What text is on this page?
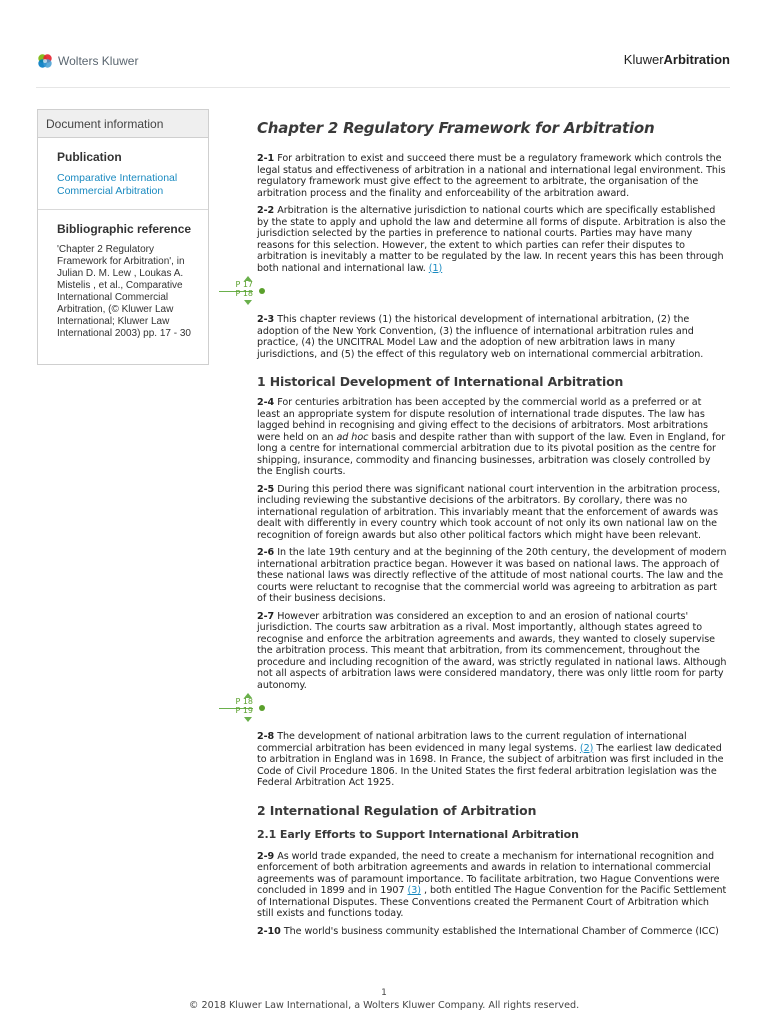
Wolters Kluwer	KluwerArbitration
Document information
Publication
Comparative International Commercial Arbitration
Bibliographic reference
'Chapter 2 Regulatory Framework for Arbitration', in Julian D. M. Lew , Loukas A. Mistelis , et al., Comparative International Commercial Arbitration, (© Kluwer Law International; Kluwer Law International 2003) pp. 17 - 30
Chapter 2 Regulatory Framework for Arbitration

2-1 For arbitration to exist and succeed there must be a regulatory framework which controls the legal status and effectiveness of arbitration in a national and international legal environment. This regulatory framework must give effect to the agreement to arbitrate, the organisation of the arbitration process and the finality and enforceability of the arbitration award.

2-2 Arbitration is the alternative jurisdiction to national courts which are specifically established by the state to apply and uphold the law and determine all forms of dispute. Arbitration is also the jurisdiction selected by the parties in preference to national courts. Parties may have many reasons for this selection. However, the extent to which parties can refer their disputes to arbitration is inevitably a matter to be regulated by the law. In recent years this has been through both national and international law. (1)

P 17
P 18

2-3 This chapter reviews (1) the historical development of international arbitration, (2) the adoption of the New York Convention, (3) the influence of international arbitration rules and practice, (4) the UNCITRAL Model Law and the adoption of new arbitration laws in many jurisdictions, and (5) the effect of this regulatory web on international commercial arbitration.

1 Historical Development of International Arbitration

2-4 For centuries arbitration has been accepted by the commercial world as a preferred or at least an appropriate system for dispute resolution of international trade disputes. The law has lagged behind in recognising and giving effect to the decisions of arbitrators. Most arbitrations were held on an ad hoc basis and despite rather than with support of the law. Even in England, for long a centre for international commercial arbitration due to its pivotal position as the centre for shipping, insurance, commodity and financing businesses, arbitration was closely controlled by the English courts.

2-5 During this period there was significant national court intervention in the arbitration process, including reviewing the substantive decisions of the arbitrators. By corollary, there was no international regulation of arbitration. This invariably meant that the enforcement of awards was dealt with differently in every country which took account of not only its own national law on the recognition of foreign awards but also other political factors which might have been relevant.

2-6 In the late 19th century and at the beginning of the 20th century, the development of modern international arbitration practice began. However it was based on national laws. The approach of these national laws was directly reflective of the attitude of most national courts. The law and the courts were reluctant to recognise that the commercial world was agreeing to arbitration as part of their business decisions.

2-7 However arbitration was considered an exception to and an erosion of national courts' jurisdiction. The courts saw arbitration as a rival. Most importantly, although states agreed to recognise and enforce the arbitration agreements and awards, they wanted to closely supervise the arbitration process. This meant that arbitration, from its commencement, throughout the procedure and including recognition of the award, was strictly regulated in national laws. Although not all aspects of arbitration laws were considered mandatory, there was only little room for party autonomy.

P 18
P 19

2-8 The development of national arbitration laws to the current regulation of international commercial arbitration has been evidenced in many legal systems. (2) The earliest law dedicated to arbitration in England was in 1698. In France, the subject of arbitration was first included in the Code of Civil Procedure 1806. In the United States the first federal arbitration legislation was the Federal Arbitration Act 1925.

2 International Regulation of Arbitration
2.1 Early Efforts to Support International Arbitration

2-9 As world trade expanded, the need to create a mechanism for international recognition and enforcement of both arbitration agreements and awards in relation to international commercial agreements was of paramount importance. To facilitate arbitration, two Hague Conventions were concluded in 1899 and in 1907 (3) , both entitled The Hague Convention for the Pacific Settlement of International Disputes. These Conventions created the Permanent Court of Arbitration which still exists and functions today.

2-10 The world's business community established the International Chamber of Commerce (ICC)

1
© 2018 Kluwer Law International, a Wolters Kluwer Company. All rights reserved.
